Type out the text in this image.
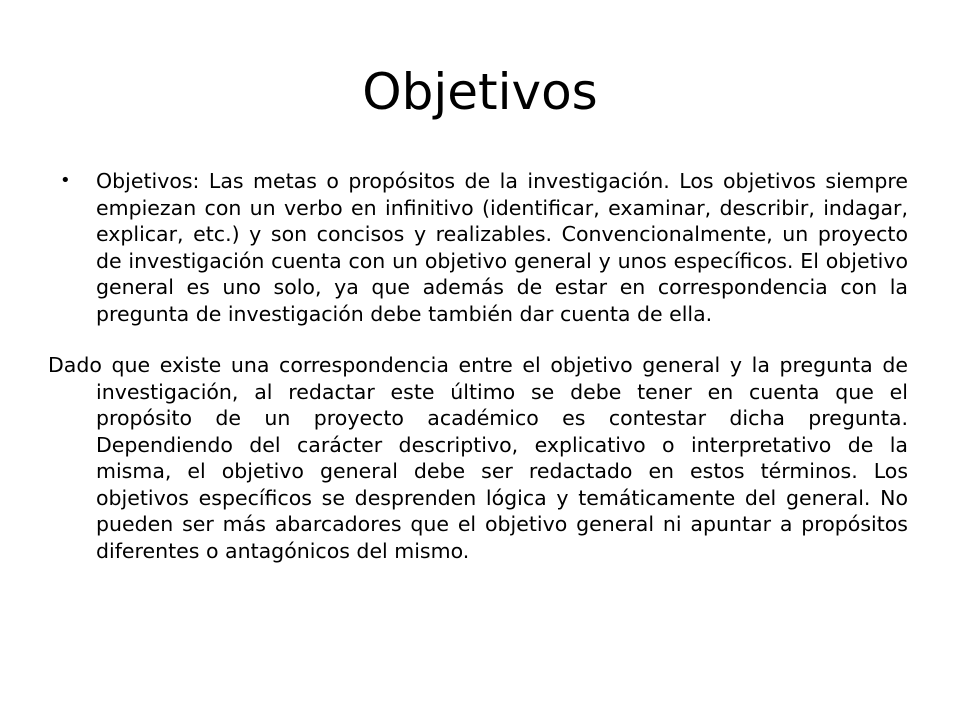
Objetivos
• Objetivos: Las metas o propósitos de la investigación. Los objetivos siempre empiezan con un verbo en infinitivo (identificar, examinar, describir, indagar, explicar, etc.) y son concisos y realizables. Convencionalmente, un proyecto de investigación cuenta con un objetivo general y unos específicos. El objetivo general es uno solo, ya que además de estar en correspondencia con la pregunta de investigación debe también dar cuenta de ella.
Dado que existe una correspondencia entre el objetivo general y la pregunta de investigación, al redactar este último se debe tener en cuenta que el propósito de un proyecto académico es contestar dicha pregunta. Dependiendo del carácter descriptivo, explicativo o interpretativo de la misma, el objetivo general debe ser redactado en estos términos. Los objetivos específicos se desprenden lógica y temáticamente del general. No pueden ser más abarcadores que el objetivo general ni apuntar a propósitos diferentes o antagónicos del mismo.
